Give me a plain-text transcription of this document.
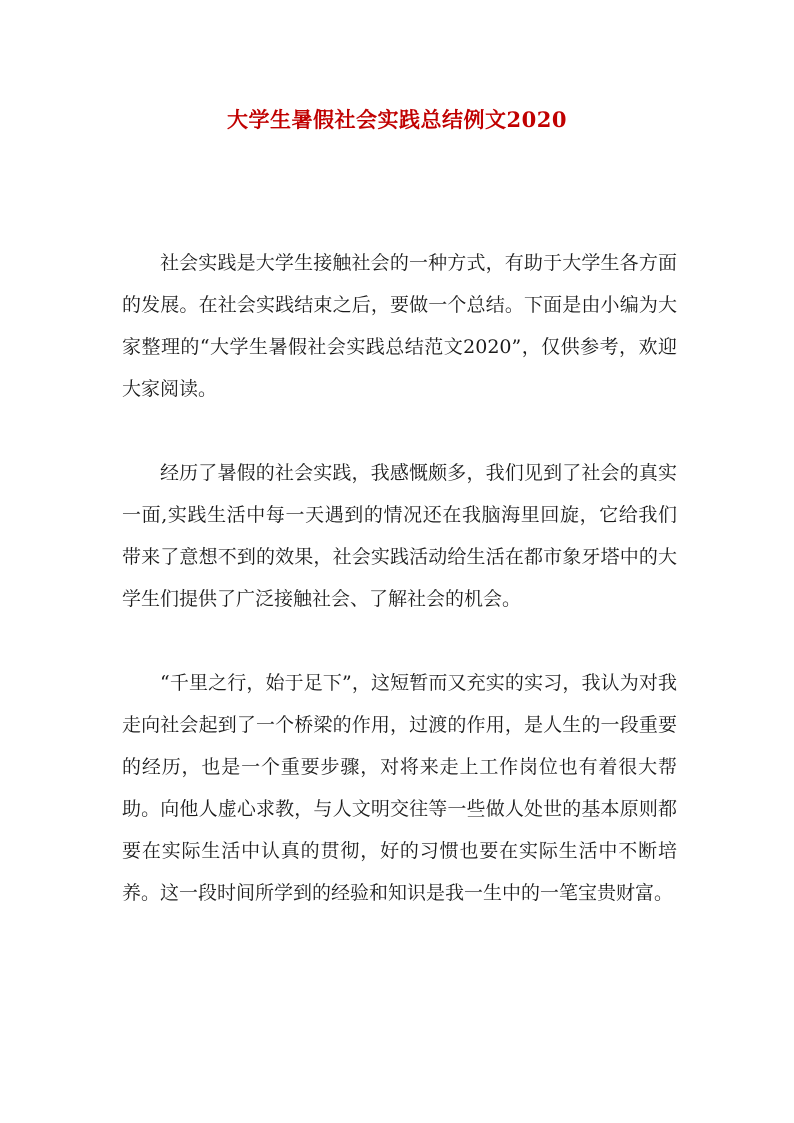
大学生暑假社会实践总结例文2020

社会实践是大学生接触社会的一种方式，有助于大学生各方面的发展。在社会实践结束之后，要做一个总结。下面是由小编为大家整理的“大学生暑假社会实践总结范文2020”，仅供参考，欢迎大家阅读。

经历了暑假的社会实践，我感慨颇多，我们见到了社会的真实一面,实践生活中每一天遇到的情况还在我脑海里回旋，它给我们带来了意想不到的效果，社会实践活动给生活在都市象牙塔中的大学生们提供了广泛接触社会、了解社会的机会。

“千里之行，始于足下”，这短暂而又充实的实习，我认为对我走向社会起到了一个桥梁的作用，过渡的作用，是人生的一段重要的经历，也是一个重要步骤，对将来走上工作岗位也有着很大帮助。向他人虚心求教，与人文明交往等一些做人处世的基本原则都要在实际生活中认真的贯彻，好的习惯也要在实际生活中不断培养。这一段时间所学到的经验和知识是我一生中的一笔宝贵财富。
